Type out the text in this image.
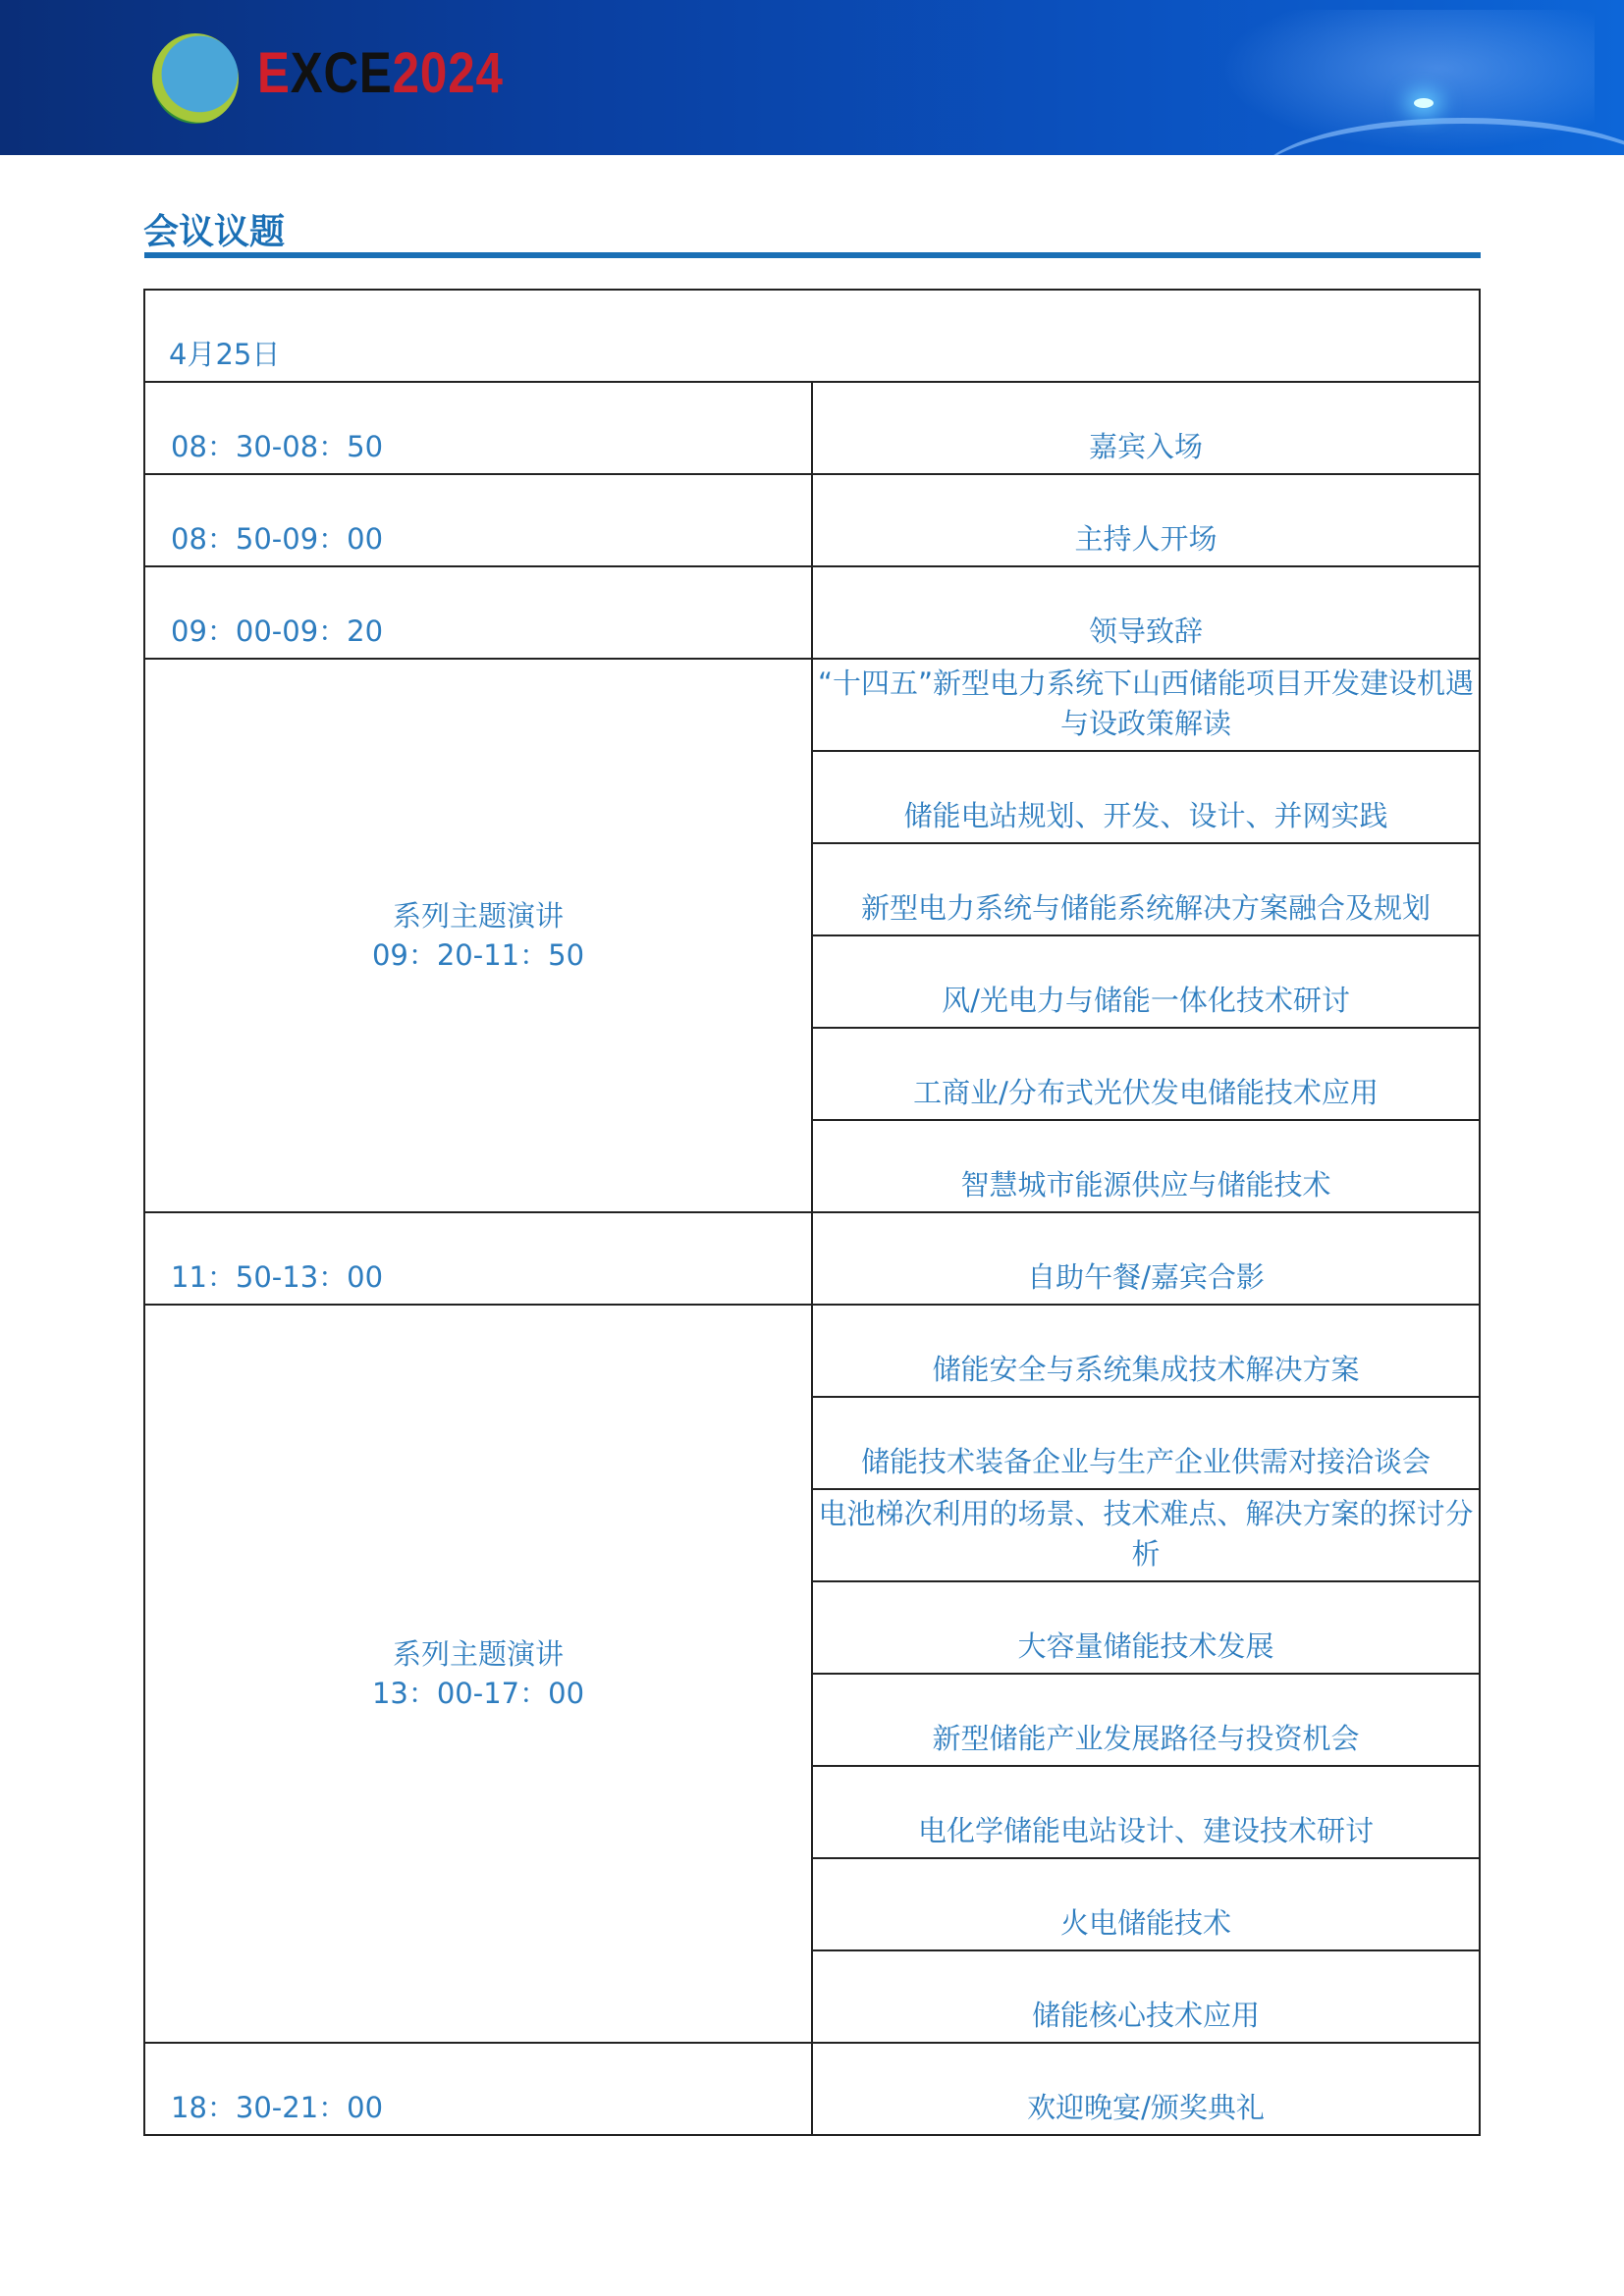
EXCE2024
会议议题
4月25日	
08：30-08：50	嘉宾入场
08：50-09：00	主持人开场
09：00-09：20	领导致辞

系列主题演讲
09：20-11：50	“十四五”新型电力系统下山西储能项目开发建设机遇与设政策解读
	储能电站规划、开发、设计、并网实践
	新型电力系统与储能系统解决方案融合及规划
	风/光电力与储能一体化技术研讨
	工商业/分布式光伏发电储能技术应用
	智慧城市能源供应与储能技术
11：50-13：00	自助午餐/嘉宾合影

系列主题演讲
13：00-17：00	储能安全与系统集成技术解决方案
	储能技术装备企业与生产企业供需对接洽谈会
	电池梯次利用的场景、技术难点、解决方案的探讨分析
	大容量储能技术发展
	新型储能产业发展路径与投资机会
	电化学储能电站设计、建设技术研讨
	火电储能技术
	储能核心技术应用
18：30-21：00	欢迎晚宴/颁奖典礼
